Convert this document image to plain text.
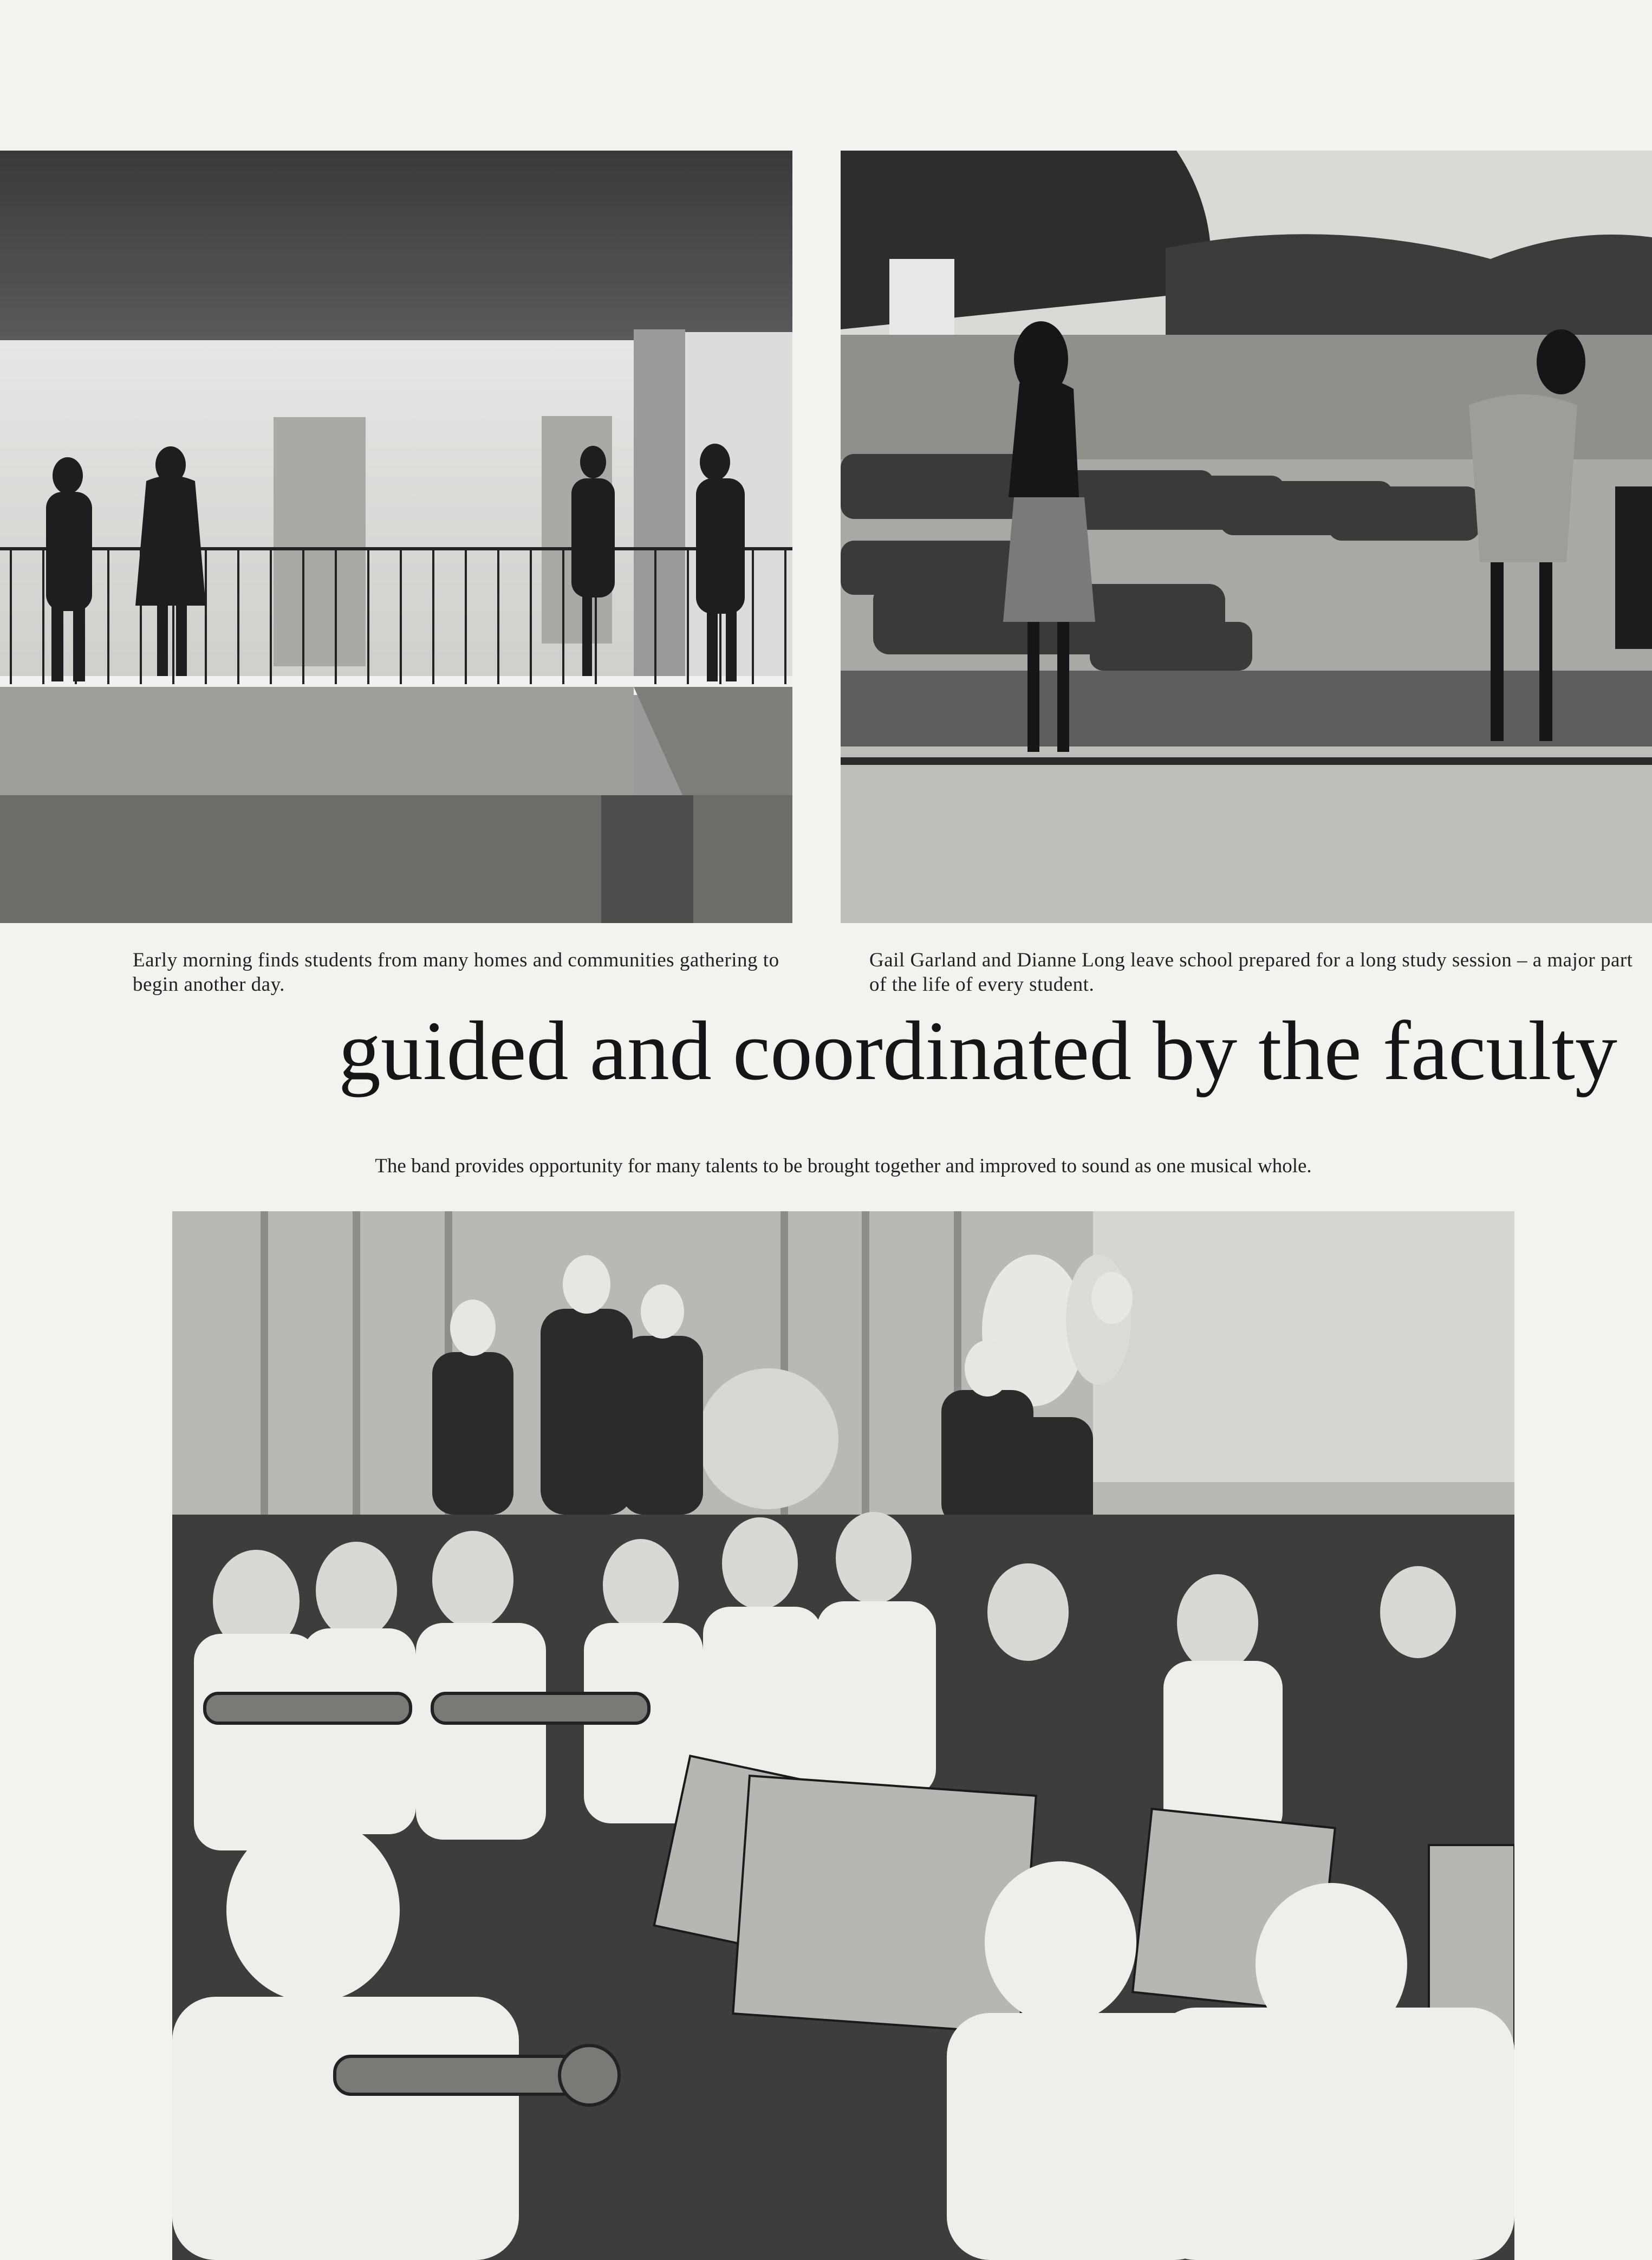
Early morning finds students from many homes and communities gathering to begin another day.

Gail Garland and Dianne Long leave school prepared for a long study session – a major part of the life of every student.

guided and coordinated by the faculty

The band provides opportunity for many talents to be brought together and improved to sound as one musical whole.
